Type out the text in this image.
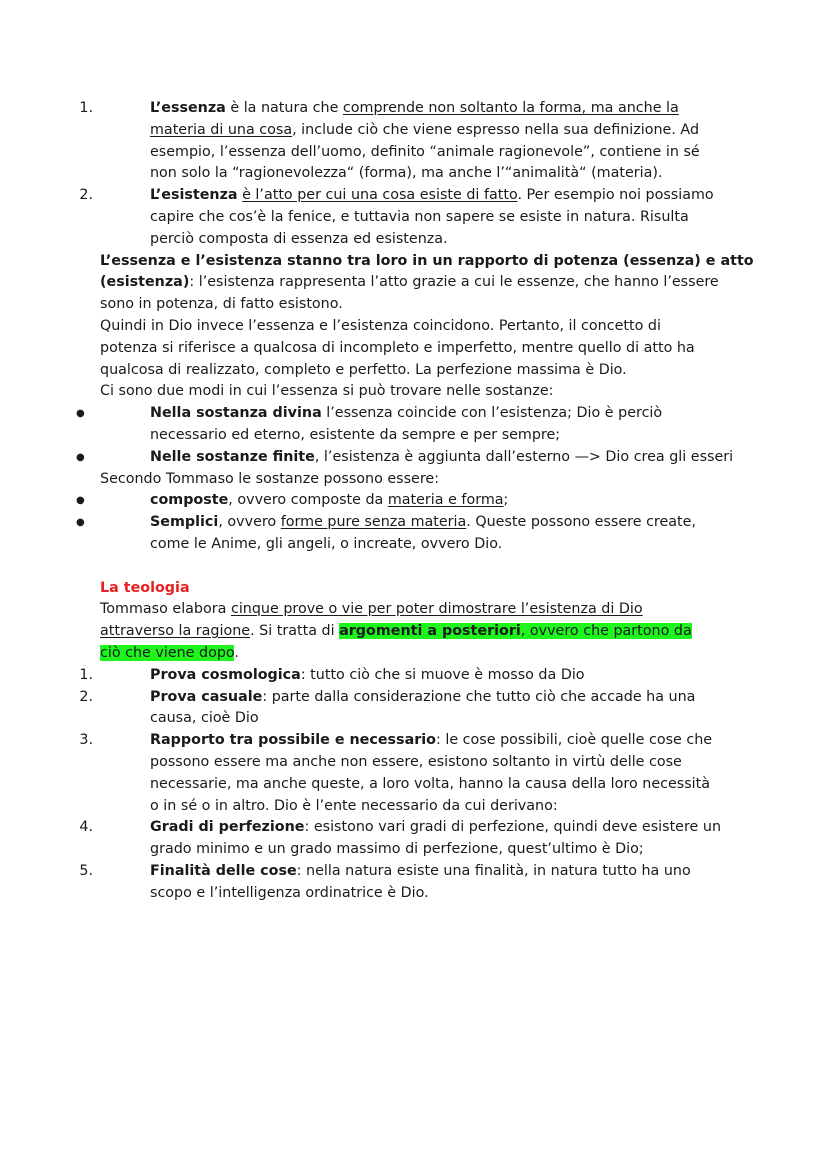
1.	L’essenza è la natura che comprende non soltanto la forma, ma anche la
materia di una cosa, include ciò che viene espresso nella sua definizione. Ad
esempio, l’essenza dell’uomo, definito “animale ragionevole”, contiene in sé
non solo la “ragionevolezza“ (forma), ma anche l’“animalità“ (materia).
2.	L’esistenza è l’atto per cui una cosa esiste di fatto. Per esempio noi possiamo
capire che cos’è la fenice, e tuttavia non sapere se esiste in natura. Risulta
perciò composta di essenza ed esistenza.
L’essenza e l’esistenza stanno tra loro in un rapporto di potenza (essenza) e atto
(esistenza): l’esistenza rappresenta l’atto grazie a cui le essenze, che hanno l’essere
sono in potenza, di fatto esistono.
Quindi in Dio invece l’essenza e l’esistenza coincidono. Pertanto, il concetto di
potenza si riferisce a qualcosa di incompleto e imperfetto, mentre quello di atto ha
qualcosa di realizzato, completo e perfetto. La perfezione massima è Dio.
Ci sono due modi in cui l’essenza si può trovare nelle sostanze:
●	Nella sostanza divina l’essenza coincide con l’esistenza; Dio è perciò
necessario ed eterno, esistente da sempre e per sempre;
●	Nelle sostanze finite, l’esistenza è aggiunta dall’esterno —> Dio crea gli esseri
Secondo Tommaso le sostanze possono essere:
●	composte, ovvero composte da materia e forma;
●	Semplici, ovvero forme pure senza materia. Queste possono essere create,
come le Anime, gli angeli, o increate, ovvero Dio.
La teologia
Tommaso elabora cinque prove o vie per poter dimostrare l’esistenza di Dio
attraverso la ragione. Si tratta di argomenti a posteriori, ovvero che partono da
ciò che viene dopo.
1.	Prova cosmologica: tutto ciò che si muove è mosso da Dio
2.	Prova casuale: parte dalla considerazione che tutto ciò che accade ha una
causa, cioè Dio
3.	Rapporto tra possibile e necessario: le cose possibili, cioè quelle cose che
possono essere ma anche non essere, esistono soltanto in virtù delle cose
necessarie, ma anche queste, a loro volta, hanno la causa della loro necessità
o in sé o in altro. Dio è l’ente necessario da cui derivano:
4.	Gradi di perfezione: esistono vari gradi di perfezione, quindi deve esistere un
grado minimo e un grado massimo di perfezione, quest’ultimo è Dio;
5.	Finalità delle cose: nella natura esiste una finalità, in natura tutto ha uno
scopo e l’intelligenza ordinatrice è Dio.
